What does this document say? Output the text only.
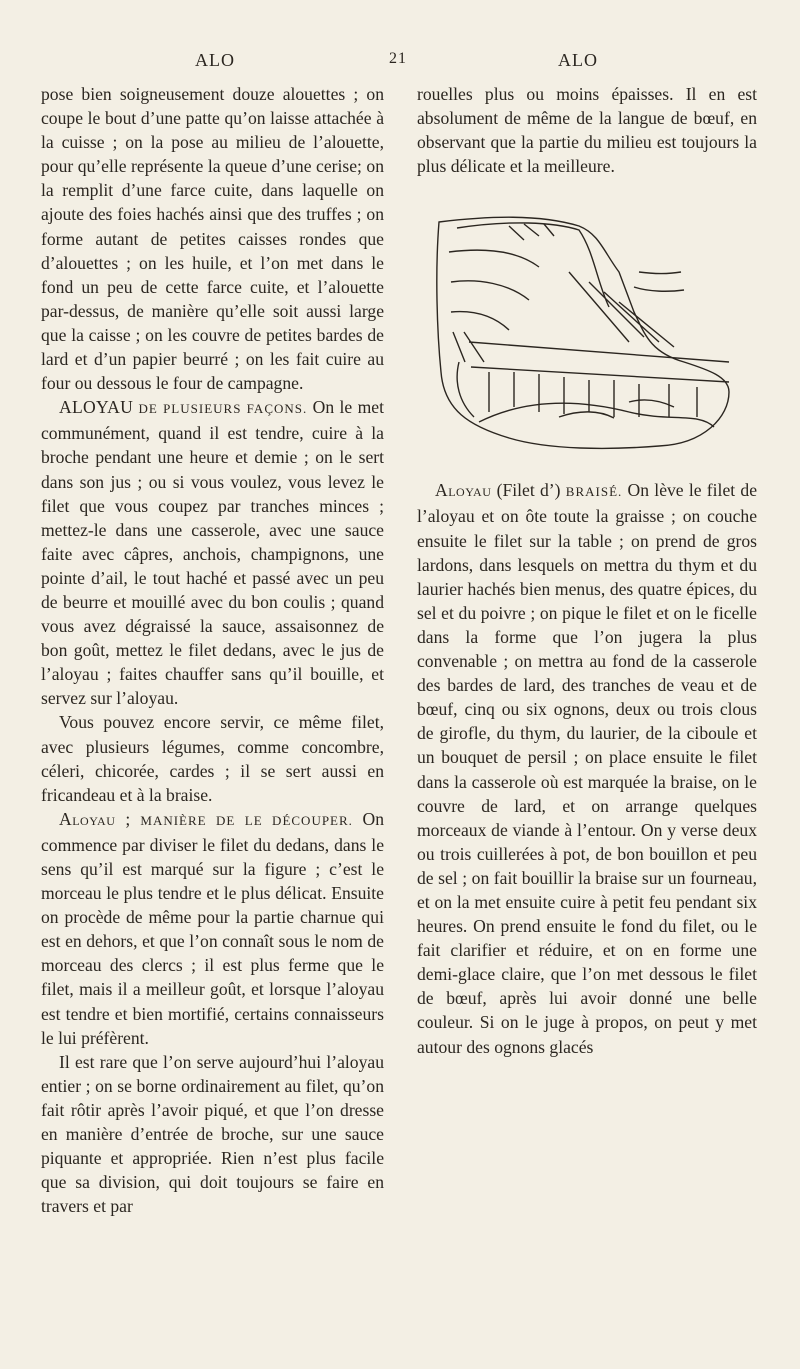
ALO	21	ALO

pose bien soigneusement douze alouettes ; on coupe le bout d’une patte qu’on laisse attachée à la cuisse ; on la pose au milieu de l’alouette, pour qu’elle représente la queue d’une cerise; on la remplit d’une farce cuite, dans laquelle on ajoute des foies hachés ainsi que des truffes ; on forme autant de petites caisses rondes que d’alouettes ; on les huile, et l’on met dans le fond un peu de cette farce cuite, et l’alouette par-dessus, de manière qu’elle soit aussi large que la caisse ; on les couvre de petites bardes de lard et d’un papier beurré ; on les fait cuire au four ou dessous le four de campagne.

ALOYAU DE PLUSIEURS FAÇONS. On le met communément, quand il est tendre, cuire à la broche pendant une heure et demie ; on le sert dans son jus ; ou si vous voulez, vous levez le filet que vous coupez par tranches minces ; mettez-le dans une casserole, avec une sauce faite avec câpres, anchois, champignons, une pointe d’ail, le tout haché et passé avec un peu de beurre et mouillé avec du bon coulis ; quand vous avez dégraissé la sauce, assaisonnez de bon goût, mettez le filet dedans, avec le jus de l’aloyau ; faites chauffer sans qu’il bouille, et servez sur l’aloyau.

Vous pouvez encore servir, ce même filet, avec plusieurs légumes, comme concombre, céleri, chicorée, cardes ; il se sert aussi en fricandeau et à la braise.

Aloyau ; MANIÈRE DE LE DÉCOUPER. On commence par diviser le filet du dedans, dans le sens qu’il est marqué sur la figure ; c’est le morceau le plus tendre et le plus délicat. Ensuite on procède de même pour la partie charnue qui est en dehors, et que l’on connaît sous le nom de morceau des clercs ; il est plus ferme que le filet, mais il a meilleur goût, et lorsque l’aloyau est tendre et bien mortifié, certains connaisseurs le lui préfèrent.

Il est rare que l’on serve aujourd’hui l’aloyau entier ; on se borne ordinairement au filet, qu’on fait rôtir après l’avoir piqué, et que l’on dresse en manière d’entrée de broche, sur une sauce piquante et appropriée. Rien n’est plus facile que sa division, qui doit toujours se faire en travers et par

rouelles plus ou moins épaisses. Il en est absolument de même de la langue de bœuf, en observant que la partie du milieu est toujours la plus délicate et la meilleure.

Aloyau (Filet d’) BRAISÉ. On lève le filet de l’aloyau et on ôte toute la graisse ; on couche ensuite le filet sur la table ; on prend de gros lardons, dans lesquels on mettra du thym et du laurier hachés bien menus, des quatre épices, du sel et du poivre ; on pique le filet et on le ficelle dans la forme que l’on jugera la plus convenable ; on mettra au fond de la casserole des bardes de lard, des tranches de veau et de bœuf, cinq ou six ognons, deux ou trois clous de girofle, du thym, du laurier, de la ciboule et un bouquet de persil ; on place ensuite le filet dans la casserole où est marquée la braise, on le couvre de lard, et on arrange quelques morceaux de viande à l’entour. On y verse deux ou trois cuillerées à pot, de bon bouillon et peu de sel ; on fait bouillir la braise sur un fourneau, et on la met ensuite cuire à petit feu pendant six heures. On prend ensuite le fond du filet, ou le fait clarifier et réduire, et on en forme une demi-glace claire, que l’on met dessous le filet de bœuf, après lui avoir donné une belle couleur. Si on le juge à propos, on peut y met autour des ognons glacés
